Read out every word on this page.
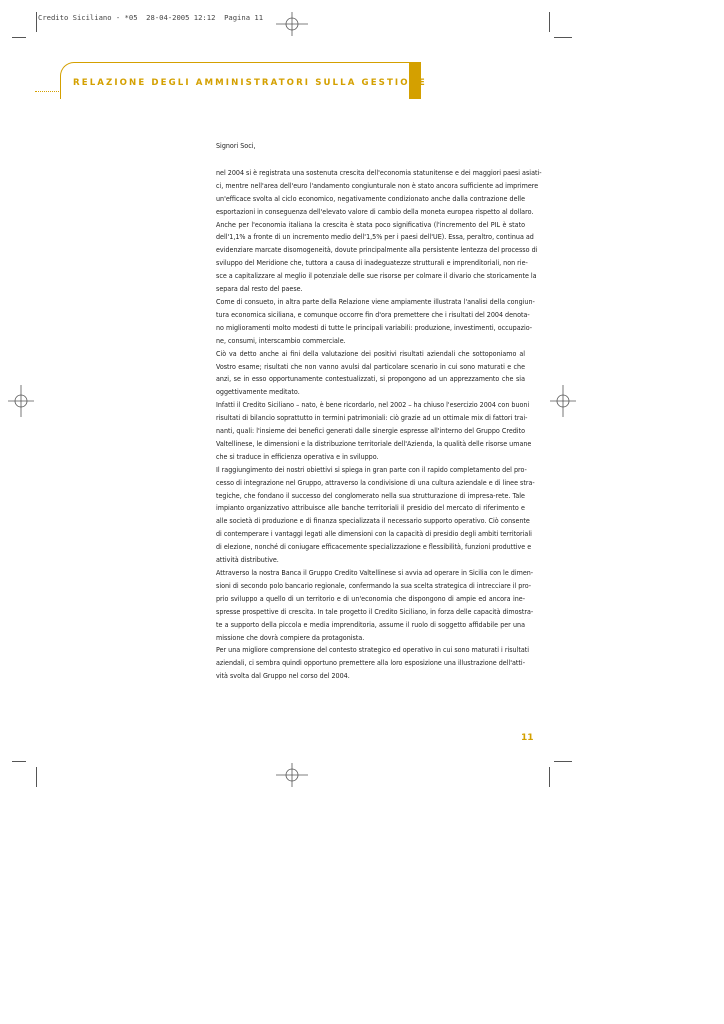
Credito Siciliano - *05  28-04-2005 12:12  Pagina 11
RELAZIONE DEGLI AMMINISTRATORI SULLA GESTIONE

Signori Soci,

nel 2004 si è registrata una sostenuta crescita dell'economia statunitense e dei maggiori paesi asiati-
ci, mentre nell'area dell'euro l'andamento congiunturale non è stato ancora sufficiente ad imprimere
un'efficace svolta al ciclo economico, negativamente condizionato anche dalla contrazione delle
esportazioni in conseguenza dell'elevato valore di cambio della moneta europea rispetto al dollaro.
Anche per l'economia italiana la crescita è stata poco significativa (l'incremento del PIL è stato
dell'1,1% a fronte di un incremento medio dell'1,5% per i paesi dell'UE). Essa, peraltro, continua ad
evidenziare marcate disomogeneità, dovute principalmente alla persistente lentezza del processo di
sviluppo del Meridione che, tuttora a causa di inadeguatezze strutturali e imprenditoriali, non rie-
sce a capitalizzare al meglio il potenziale delle sue risorse per colmare il divario che storicamente la
separa dal resto del paese.

Come di consueto, in altra parte della Relazione viene ampiamente illustrata l'analisi della congiun-
tura economica siciliana, e comunque occorre fin d'ora premettere che i risultati del 2004 denota-
no miglioramenti molto modesti di tutte le principali variabili: produzione, investimenti, occupazio-
ne, consumi, interscambio commerciale.

Ciò va detto anche ai fini della valutazione dei positivi risultati aziendali che sottoponiamo al
Vostro esame; risultati che non vanno avulsi dal particolare scenario in cui sono maturati e che
anzi, se in esso opportunamente contestualizzati, si propongono ad un apprezzamento che sia
oggettivamente meditato.

Infatti il Credito Siciliano – nato, è bene ricordarlo, nel 2002 – ha chiuso l'esercizio 2004 con buoni
risultati di bilancio soprattutto in termini patrimoniali: ciò grazie ad un ottimale mix di fattori trai-
nanti, quali: l'insieme dei benefici generati dalle sinergie espresse all'interno del Gruppo Credito
Valtellinese, le dimensioni e la distribuzione territoriale dell'Azienda, la qualità delle risorse umane
che si traduce in efficienza operativa e in sviluppo.

Il raggiungimento dei nostri obiettivi si spiega in gran parte con il rapido completamento del pro-
cesso di integrazione nel Gruppo, attraverso la condivisione di una cultura aziendale e di linee stra-
tegiche, che fondano il successo del conglomerato nella sua strutturazione di impresa-rete. Tale
impianto organizzativo attribuisce alle banche territoriali il presidio del mercato di riferimento e
alle società di produzione e di finanza specializzata il necessario supporto operativo. Ciò consente
di contemperare i vantaggi legati alle dimensioni con la capacità di presidio degli ambiti territoriali
di elezione, nonché di coniugare efficacemente specializzazione e flessibilità, funzioni produttive e
attività distributive.

Attraverso la nostra Banca il Gruppo Credito Valtellinese si avvia ad operare in Sicilia con le dimen-
sioni di secondo polo bancario regionale, confermando la sua scelta strategica di intrecciare il pro-
prio sviluppo a quello di un territorio e di un'economia che dispongono di ampie ed ancora ine-
spresse prospettive di crescita. In tale progetto il Credito Siciliano, in forza delle capacità dimostra-
te a supporto della piccola e media imprenditoria, assume il ruolo di soggetto affidabile per una
missione che dovrà compiere da protagonista.

Per una migliore comprensione del contesto strategico ed operativo in cui sono maturati i risultati
aziendali, ci sembra quindi opportuno premettere alla loro esposizione una illustrazione dell'atti-
vità svolta dal Gruppo nel corso del 2004.

11
